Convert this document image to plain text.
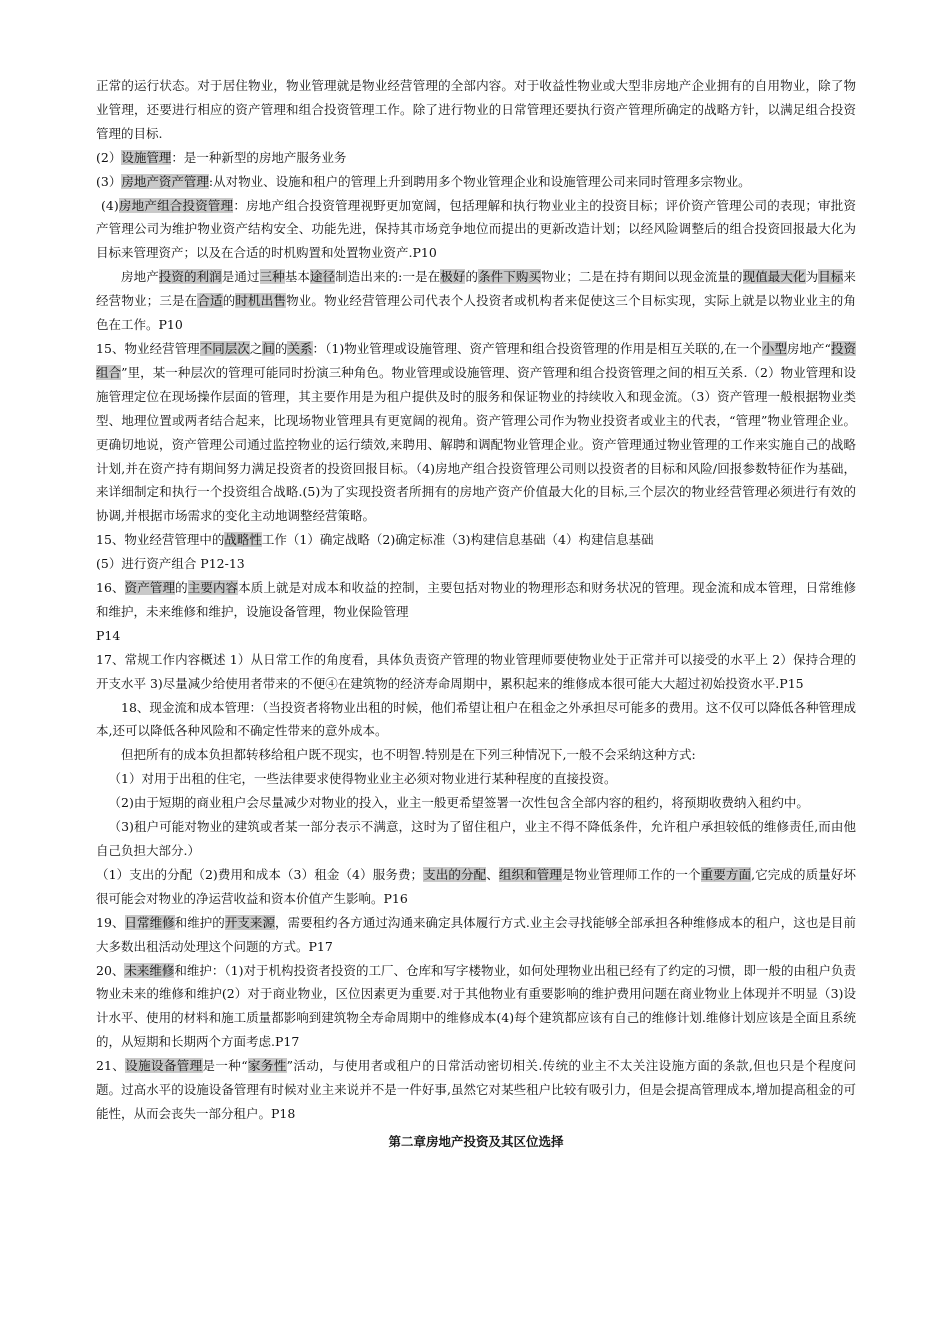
正常的运行状态。对于居住物业，物业管理就是物业经营管理的全部内容。对于收益性物业或大型非房地产企业拥有的自用物业，除了物业管理，还要进行相应的资产管理和组合投资管理工作。除了进行物业的日常管理还要执行资产管理所确定的战略方针，以满足组合投资管理的目标.

(2）设施管理：是一种新型的房地产服务业务

(3）房地产资产管理:从对物业、设施和租户的管理上升到聘用多个物业管理企业和设施管理公司来同时管理多宗物业。

(4)房地产组合投资管理：房地产组合投资管理视野更加宽阔，包括理解和执行物业业主的投资目标；评价资产管理公司的表现；审批资产管理公司为维护物业资产结构安全、功能先进，保持其市场竞争地位而提出的更新改造计划；以经风险调整后的组合投资回报最大化为目标来管理资产；以及在合适的时机购置和处置物业资产.P10

房地产投资的利润是通过三种基本途径制造出来的:一是在极好的条件下购买物业；二是在持有期间以现金流量的现值最大化为目标来经营物业；三是在合适的时机出售物业。物业经营管理公司代表个人投资者或机构者来促使这三个目标实现，实际上就是以物业业主的角色在工作。P10

15、物业经营管理不同层次之间的关系：（1)物业管理或设施管理、资产管理和组合投资管理的作用是相互关联的,在一个小型房地产“投资组合”里，某一种层次的管理可能同时扮演三种角色。物业管理或设施管理、资产管理和组合投资管理之间的相互关系.（2）物业管理和设施管理定位在现场操作层面的管理，其主要作用是为租户提供及时的服务和保证物业的持续收入和现金流。（3）资产管理一般根据物业类型、地理位置或两者结合起来，比现场物业管理具有更宽阔的视角。资产管理公司作为物业投资者或业主的代表，“管理”物业管理企业。更确切地说，资产管理公司通过监控物业的运行绩效,来聘用、解聘和调配物业管理企业。资产管理通过物业管理的工作来实施自己的战略计划,并在资产持有期间努力满足投资者的投资回报目标。（4)房地产组合投资管理公司则以投资者的目标和风险/回报参数特征作为基础，来详细制定和执行一个投资组合战略.(5)为了实现投资者所拥有的房地产资产价值最大化的目标,三个层次的物业经营管理必须进行有效的协调,并根据市场需求的变化主动地调整经营策略。

15、物业经营管理中的战略性工作（1）确定战略（2)确定标准（3)构建信息基础（4）构建信息基础

(5）进行资产组合 P12-13

16、资产管理的主要内容本质上就是对成本和收益的控制，主要包括对物业的物理形态和财务状况的管理。现金流和成本管理，日常维修和维护，未来维修和维护，设施设备管理，物业保险管理

P14

17、常规工作内容概述 1）从日常工作的角度看，具体负责资产管理的物业管理师要使物业处于正常并可以接受的水平上 2）保持合理的开支水平 3)尽量减少给使用者带来的不便④在建筑物的经济寿命周期中，累积起来的维修成本很可能大大超过初始投资水平.P15

18、现金流和成本管理：（当投资者将物业出租的时候，他们希望让租户在租金之外承担尽可能多的费用。这不仅可以降低各种管理成本,还可以降低各种风险和不确定性带来的意外成本。

但把所有的成本负担都转移给租户既不现实，也不明智.特别是在下列三种情况下,一般不会采纳这种方式:

（1）对用于出租的住宅，一些法律要求使得物业业主必须对物业进行某种程度的直接投资。

（2)由于短期的商业租户会尽量减少对物业的投入，业主一般更希望签署一次性包含全部内容的租约，将预期收费纳入租约中。

（3)租户可能对物业的建筑或者某一部分表示不满意，这时为了留住租户，业主不得不降低条件，允许租户承担较低的维修责任,而由他自己负担大部分.）

（1）支出的分配（2)费用和成本（3）租金（4）服务费；支出的分配、组织和管理是物业管理师工作的一个重要方面,它完成的质量好坏很可能会对物业的净运营收益和资本价值产生影响。P16

19、日常维修和维护的开支来源，需要租约各方通过沟通来确定具体履行方式.业主会寻找能够全部承担各种维修成本的租户，这也是目前大多数出租活动处理这个问题的方式。P17

20、未来维修和维护：（1)对于机构投资者投资的工厂、仓库和写字楼物业，如何处理物业出租已经有了约定的习惯，即一般的由租户负责物业未来的维修和维护(2）对于商业物业，区位因素更为重要.对于其他物业有重要影响的维护费用问题在商业物业上体现并不明显（3)设计水平、使用的材料和施工质量都影响到建筑物全寿命周期中的维修成本(4)每个建筑都应该有自己的维修计划.维修计划应该是全面且系统的，从短期和长期两个方面考虑.P17

21、设施设备管理是一种“家务性”活动，与使用者或租户的日常活动密切相关.传统的业主不太关注设施方面的条款,但也只是个程度问题。过高水平的设施设备管理有时候对业主来说并不是一件好事,虽然它对某些租户比较有吸引力，但是会提高管理成本,增加提高租金的可能性，从而会丧失一部分租户。P18

第二章房地产投资及其区位选择
